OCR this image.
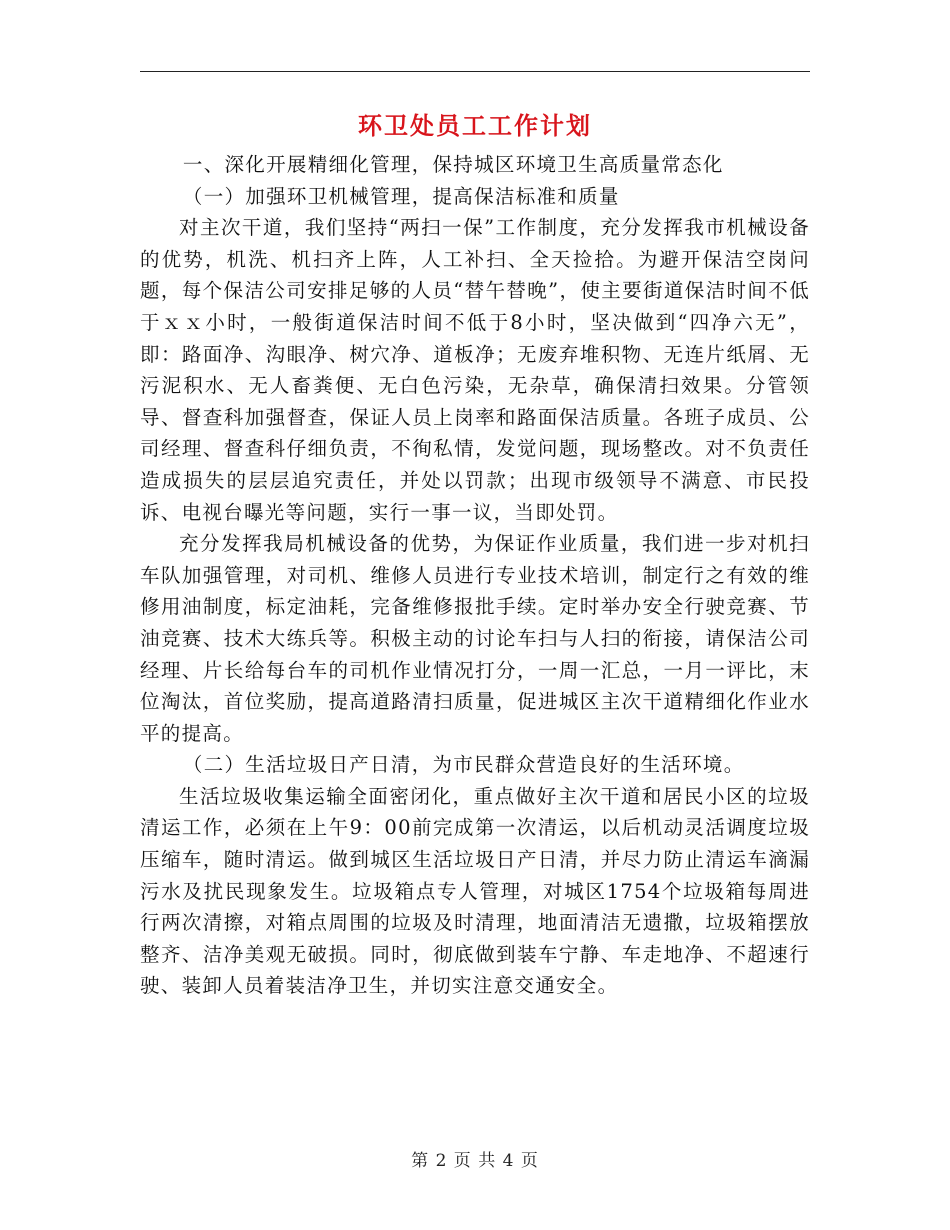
环卫处员工工作计划

一、深化开展精细化管理，保持城区环境卫生高质量常态化

（一）加强环卫机械管理，提高保洁标准和质量

对主次干道，我们坚持“两扫一保”工作制度，充分发挥我市机械设备的优势，机洗、机扫齐上阵，人工补扫、全天捡拾。为避开保洁空岗问题，每个保洁公司安排足够的人员“替午替晚”，使主要街道保洁时间不低于ｘｘ小时，一般街道保洁时间不低于8小时，坚决做到“四净六无”，即：路面净、沟眼净、树穴净、道板净；无废弃堆积物、无连片纸屑、无污泥积水、无人畜粪便、无白色污染，无杂草，确保清扫效果。分管领导、督查科加强督查，保证人员上岗率和路面保洁质量。各班子成员、公司经理、督查科仔细负责，不徇私情，发觉问题，现场整改。对不负责任造成损失的层层追究责任，并处以罚款；出现市级领导不满意、市民投诉、电视台曝光等问题，实行一事一议，当即处罚。

充分发挥我局机械设备的优势，为保证作业质量，我们进一步对机扫车队加强管理，对司机、维修人员进行专业技术培训，制定行之有效的维修用油制度，标定油耗，完备维修报批手续。定时举办安全行驶竞赛、节油竞赛、技术大练兵等。积极主动的讨论车扫与人扫的衔接，请保洁公司经理、片长给每台车的司机作业情况打分，一周一汇总，一月一评比，末位淘汰，首位奖励，提高道路清扫质量，促进城区主次干道精细化作业水平的提高。

（二）生活垃圾日产日清，为市民群众营造良好的生活环境。

生活垃圾收集运输全面密闭化，重点做好主次干道和居民小区的垃圾清运工作，必须在上午9：00前完成第一次清运，以后机动灵活调度垃圾压缩车，随时清运。做到城区生活垃圾日产日清，并尽力防止清运车滴漏污水及扰民现象发生。垃圾箱点专人管理，对城区1754个垃圾箱每周进行两次清擦，对箱点周围的垃圾及时清理，地面清洁无遗撒，垃圾箱摆放整齐、洁净美观无破损。同时，彻底做到装车宁静、车走地净、不超速行驶、装卸人员着装洁净卫生，并切实注意交通安全。

第 2 页 共 4 页
